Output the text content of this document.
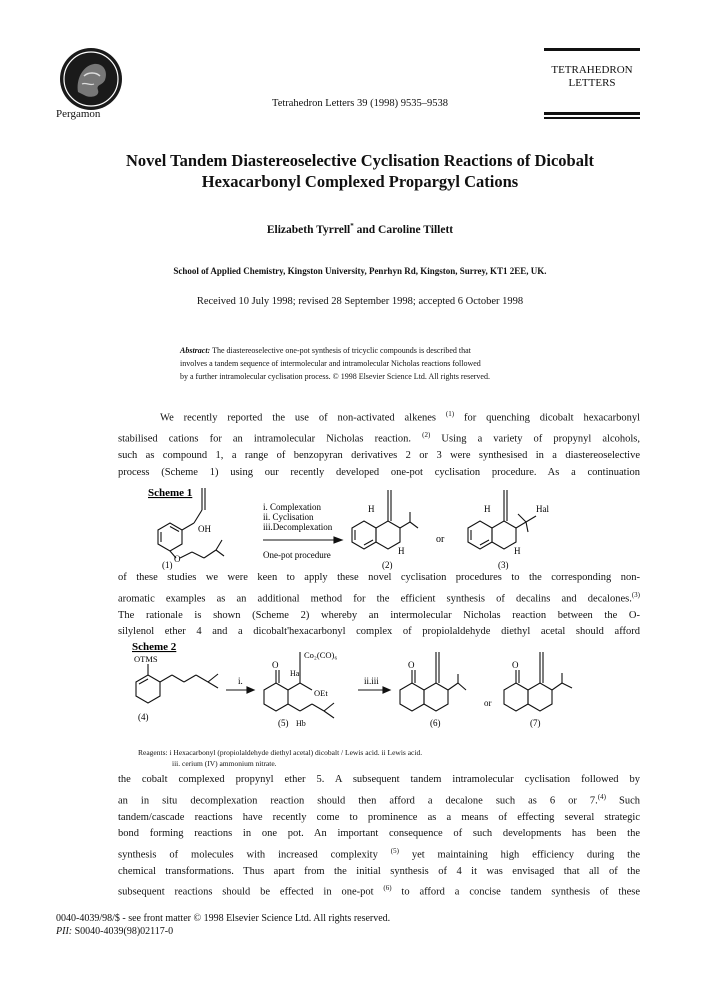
Pergamon
Tetrahedron Letters 39 (1998) 9535–9538
TETRAHEDRON
LETTERS
Novel Tandem Diastereoselective Cyclisation Reactions of Dicobalt
Hexacarbonyl Complexed Propargyl Cations
Elizabeth Tyrrell* and Caroline Tillett
School of Applied Chemistry, Kingston University, Penrhyn Rd, Kingston, Surrey, KT1 2EE, UK.
Received 10 July 1998; revised 28 September 1998; accepted 6 October 1998
Abstract: The diastereoselective one-pot synthesis of tricyclic compounds is described that
involves a tandem sequence of intermolecular and intramolecular Nicholas reactions followed
by a further intramolecular cyclisation process. © 1998 Elsevier Science Ltd. All rights reserved.
We recently reported the use of non-activated alkenes $^{(1)}$ for quenching dicobalt hexacarbonyl
stabilised cations for an intramolecular Nicholas reaction. $^{(2)}$ Using a variety of propynyl alcohols,
such as compound 1, a range of benzopyran derivatives 2 or 3 were synthesised in a diastereoselective
process (Scheme 1) using our recently developed one-pot cyclisation procedure. As a continuation
Scheme 1
OH
O
(1)
i. Complexation
ii. Cyclisation
iii.Decomplexation
One-pot procedure
H
H
(2)
or
H	Hal
H
(3)
of these studies we were keen to apply these novel cyclisation procedures to the corresponding non-
aromatic examples as an additional method for the efficient synthesis of decalins and decalones.$^{(3)}$
The rationale is shown (Scheme 2) whereby an intermolecular Nicholas reaction between the O-
silylenol ether 4 and a dicobalt'hexacarbonyl complex of propiolaldehyde diethyl acetal should afford
Scheme 2
OTMS
(4)
i.
Co₂(CO)₆
O
Ha
OEt
(5) Hb
ii.iii
O
(6)
or
O
(7)
Reagents: i Hexacarbonyl (propiolaldehyde diethyl acetal) dicobalt / Lewis acid. ii Lewis acid.
iii. cerium (IV) ammonium nitrate.
the cobalt complexed propynyl ether 5. A subsequent tandem intramolecular cyclisation followed by
an in situ decomplexation reaction should then afford a decalone such as 6 or 7.$^{(4)}$ Such
tandem/cascade reactions have recently come to prominence as a means of effecting several strategic
bond forming reactions in one pot. An important consequence of such developments has been the
synthesis of molecules with increased complexity $^{(5)}$ yet maintaining high efficiency during the
chemical transformations. Thus apart from the initial synthesis of 4 it was envisaged that all of the
subsequent reactions should be effected in one-pot $^{(6)}$ to afford a concise tandem synthesis of these
0040-4039/98/$ - see front matter © 1998 Elsevier Science Ltd. All rights reserved.
PII: S0040-4039(98)02117-0
